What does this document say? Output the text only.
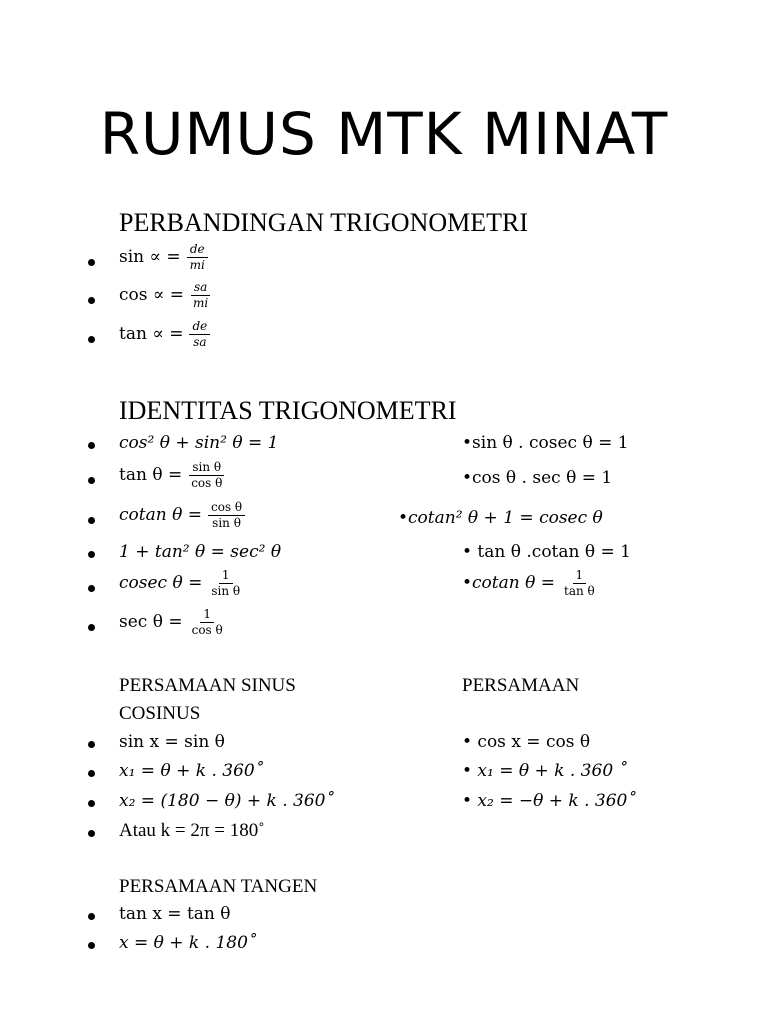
RUMUS MTK MINAT
PERBANDINGAN TRIGONOMETRI
sin ∝ = $\frac{de}{mi}$
cos ∝ = $\frac{sa}{mi}$
tan ∝ = $\frac{de}{sa}$
IDENTITAS TRIGONOMETRI
cos² θ + sin² θ = 1
$\tan \theta = \frac{\text{sin θ}}{\text{cos θ}}$
cotan $\theta = \frac{\text{cos θ}}{\text{sin θ}}$
1 + tan² θ = sec² θ
cosec $\theta = \frac{1}{\text{sin θ}}$
$\sec \theta = \frac{1}{\text{cos θ}}$
•sin θ . cosec θ = 1
•cos θ . sec θ = 1
•cotan² θ + 1 = cosec θ
• tan θ .cotan θ = 1
•cotan $\theta = \frac{1}{\text{tan θ}}$
PERSAMAAN SINUS	PERSAMAAN
COSINUS
sin x = sin θ
x₁ = θ + k . 360˚
x₂ = (180 − θ) + k . 360˚
Atau k = 2π = 180˚
• cos x = cos θ
• x₁ = θ + k . 360 ˚
• x₂ = −θ + k . 360˚
PERSAMAAN TANGEN
tan x = tan θ
x = θ + k . 180˚
